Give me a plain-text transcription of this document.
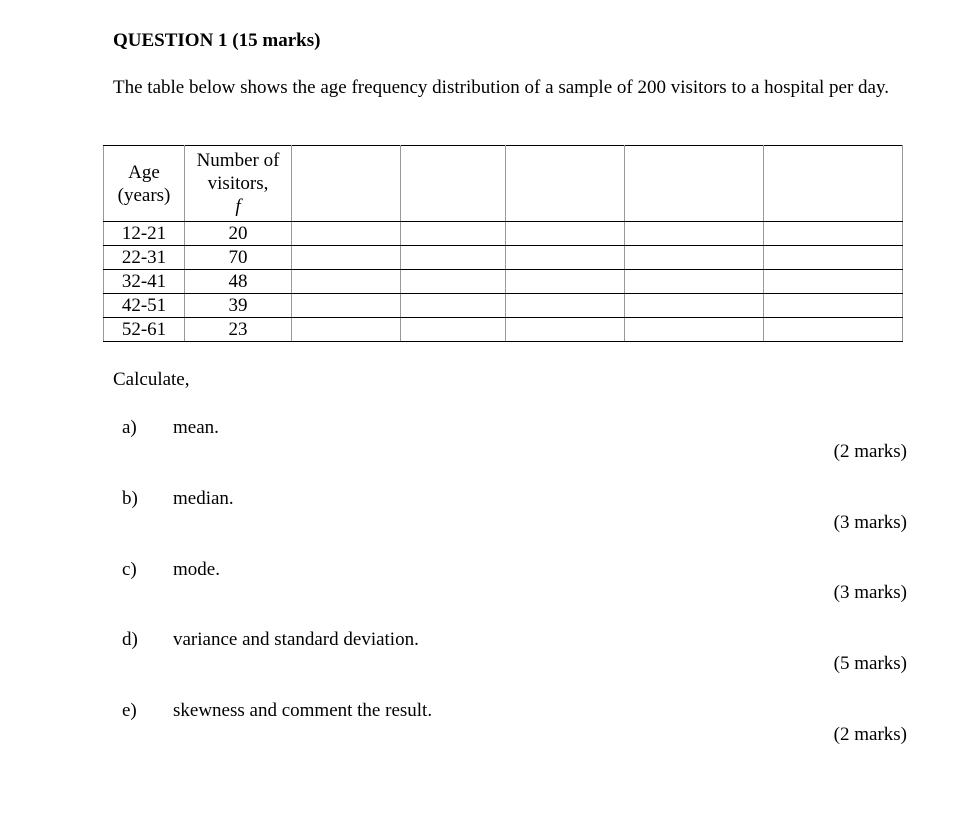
QUESTION 1 (15 marks)
The table below shows the age frequency distribution of a sample of 200 visitors to a hospital per day.
Age (years)	Number of visitors,
f					
12-21	20					
22-31	70					
32-41	48					
42-51	39					
52-61	23					
Calculate,
a) mean.
(2 marks)
b) median.
(3 marks)
c) mode.
(3 marks)
d) variance and standard deviation.
(5 marks)
e) skewness and comment the result.
(2 marks)
